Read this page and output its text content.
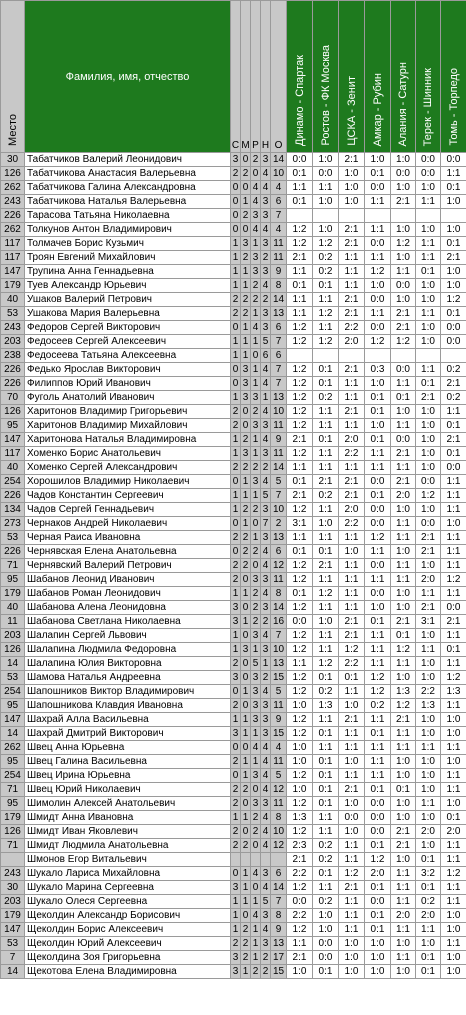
Место	Фамилия, имя, отчество	С	М	Р	Н	О	Динамо - Спартак	Ростов - ФК Москва	ЦСКА - Зенит	Амкар - Рубин	Алания - Сатурн	Терек - Шинник	Томь - Торпедо
30	Табатчиков Валерий Леонидович	3	0	2	3	14	0:0	1:0	2:1	1:0	1:0	0:0	0:0
126	Табатчикова Анастасия Валерьевна	2	2	0	4	10	0:1	0:0	1:0	0:1	0:0	0:0	1:1
262	Табатчикова Галина Александровна	0	0	4	4	4	1:1	1:1	1:0	0:0	1:0	1:0	0:1
243	Табатчикова Наталья Валерьевна	0	1	4	3	6	0:1	1:0	1:0	1:1	2:1	1:1	1:0
226	Тарасова Татьяна Николаевна	0	2	3	3	7							
262	Толкунов Антон Владимирович	0	0	4	4	4	1:2	1:0	2:1	1:1	1:0	1:0	1:0
117	Толмачев Борис Кузьмич	1	3	1	3	11	1:2	1:2	2:1	0:0	1:2	1:1	0:1
117	Троян Евгений Михайлович	1	2	3	2	11	2:1	0:2	1:1	1:1	1:0	1:1	2:1
147	Трупина Анна Геннадьевна	1	1	3	3	9	1:1	0:2	1:1	1:2	1:1	0:1	1:0
179	Туев Александр Юрьевич	1	1	2	4	8	0:1	0:1	1:1	1:0	0:0	1:0	1:0
40	Ушаков Валерий Петрович	2	2	2	2	14	1:1	1:1	2:1	0:0	1:0	1:0	1:2
53	Ушакова Мария Валерьевна	2	2	1	3	13	1:1	1:2	2:1	1:1	2:1	1:1	0:1
243	Федоров Сергей Викторович	0	1	4	3	6	1:2	1:1	2:2	0:0	2:1	1:0	0:0
203	Федосеев Сергей Алексеевич	1	1	1	5	7	1:2	1:2	2:0	1:2	1:2	1:0	0:0
238	Федосеева Татьяна Алексеевна	1	1	0	6	6							
226	Федько Ярослав Викторович	0	3	1	4	7	1:2	0:1	2:1	0:3	0:0	1:1	0:2
226	Филиппов Юрий Иванович	0	3	1	4	7	1:2	0:1	1:1	1:0	1:1	0:1	2:1
70	Фуголь Анатолий Иванович	1	3	3	1	13	1:2	0:2	1:1	0:1	0:1	2:1	0:2
126	Харитонов Владимир Григорьевич	2	0	2	4	10	1:2	1:1	2:1	0:1	1:0	1:0	1:1
95	Харитонов Владимир Михайлович	2	0	3	3	11	1:2	1:1	1:1	1:0	1:1	1:0	0:1
147	Харитонова Наталья Владимировна	1	2	1	4	9	2:1	0:1	2:0	0:1	0:0	1:0	2:1
117	Хоменко Борис Анатольевич	1	3	1	3	11	1:2	1:1	2:2	1:1	2:1	1:0	0:1
40	Хоменко Сергей Александрович	2	2	2	2	14	1:1	1:1	1:1	1:1	1:1	1:0	0:0
254	Хорошилов Владимир Николаевич	0	1	3	4	5	0:1	2:1	2:1	0:0	2:1	0:0	1:1
226	Чадов Константин Сергеевич	1	1	1	5	7	2:1	0:2	2:1	0:1	2:0	1:2	1:1
134	Чадов Сергей Геннадьевич	1	2	2	3	10	1:2	1:1	2:0	0:0	1:0	1:0	1:1
273	Чернаков Андрей Николаевич	0	1	0	7	2	3:1	1:0	2:2	0:0	1:1	0:0	1:0
53	Черная Раиса Ивановна	2	2	1	3	13	1:1	1:1	1:1	1:2	1:1	2:1	1:1
226	Чернявская Елена Анатольевна	0	2	2	4	6	0:1	0:1	1:0	1:1	1:0	2:1	1:1
71	Чернявский Валерий Петрович	2	2	0	4	12	1:2	2:1	1:1	0:0	1:1	1:0	1:1
95	Шабанов Леонид Иванович	2	0	3	3	11	1:2	1:1	1:1	1:1	1:1	2:0	1:2
179	Шабанов Роман Леонидович	1	1	2	4	8	0:1	1:2	1:1	0:0	1:0	1:1	1:1
40	Шабанова Алена Леонидовна	3	0	2	3	14	1:2	1:1	1:1	1:0	1:0	2:1	0:0
11	Шабанова Светлана Николаевна	3	1	2	2	16	0:0	1:0	2:1	0:1	2:1	3:1	2:1
203	Шалапин Сергей Львович	1	0	3	4	7	1:2	1:1	2:1	1:1	0:1	1:0	1:1
126	Шалапина Людмила Федоровна	1	3	1	3	10	1:2	1:1	1:2	1:1	1:2	1:1	0:1
14	Шалапина Юлия Викторовна	2	0	5	1	13	1:1	1:2	2:2	1:1	1:1	1:0	1:1
53	Шамова Наталья Андреевна	3	0	3	2	15	1:2	0:1	0:1	1:2	1:0	1:0	1:2
254	Шапошников Виктор Владимирович	0	1	3	4	5	1:2	0:2	1:1	1:2	1:3	2:2	1:3
95	Шапошникова Клавдия Ивановна	2	0	3	3	11	1:0	1:3	1:0	0:2	1:2	1:3	1:1
147	Шахрай Алла Васильевна	1	1	3	3	9	1:2	1:1	2:1	1:1	2:1	1:0	1:0
14	Шахрай Дмитрий Викторович	3	1	1	3	15	1:2	0:1	1:1	0:1	1:1	1:0	1:0
262	Швец Анна Юрьевна	0	0	4	4	4	1:0	1:1	1:1	1:1	1:1	1:1	1:1
95	Швец Галина Васильевна	2	1	1	4	11	1:0	0:1	1:0	1:1	1:0	1:0	1:0
254	Швец Ирина Юрьевна	0	1	3	4	5	1:2	0:1	1:1	1:1	1:0	1:0	1:1
71	Швец Юрий Николаевич	2	2	0	4	12	1:0	0:1	2:1	0:1	0:1	1:0	1:1
95	Шимолин Алексей Анатольевич	2	0	3	3	11	1:2	0:1	1:0	0:0	1:0	1:1	1:0
179	Шмидт Анна Ивановна	1	1	2	4	8	1:3	1:1	0:0	0:0	1:0	1:0	0:1
126	Шмидт Иван Яковлевич	2	0	2	4	10	1:2	1:1	1:0	0:0	2:1	2:0	2:0
71	Шмидт Людмила Анатольевна	2	2	0	4	12	2:3	0:2	1:1	0:1	2:1	1:0	1:1
	Шмонов Егор Витальевич						2:1	0:2	1:1	1:2	1:0	0:1	1:1
243	Шукало Лариса Михайловна	0	1	4	3	6	2:2	0:1	1:2	2:0	1:1	3:2	1:2
30	Шукало Марина Сергеевна	3	1	0	4	14	1:2	1:1	2:1	0:1	1:1	0:1	1:1
203	Шукало Олеся Сергеевна	1	1	1	5	7	0:0	0:2	1:1	0:0	1:1	0:2	1:1
179	Щеколдин Александр Борисович	1	0	4	3	8	2:2	1:0	1:1	0:1	2:0	2:0	1:0
147	Щеколдин Борис Алексеевич	1	2	1	4	9	1:2	1:0	1:1	0:1	1:1	1:1	1:0
53	Щеколдин Юрий Алексеевич	2	2	1	3	13	1:1	0:0	1:0	1:0	1:0	1:0	1:1
7	Щеколдина Зоя Григорьевна	3	2	1	2	17	2:1	0:0	1:0	1:0	1:1	0:1	1:0
14	Щекотова Елена Владимировна	3	1	2	2	15	1:0	0:1	1:0	1:0	1:0	0:1	1:0
